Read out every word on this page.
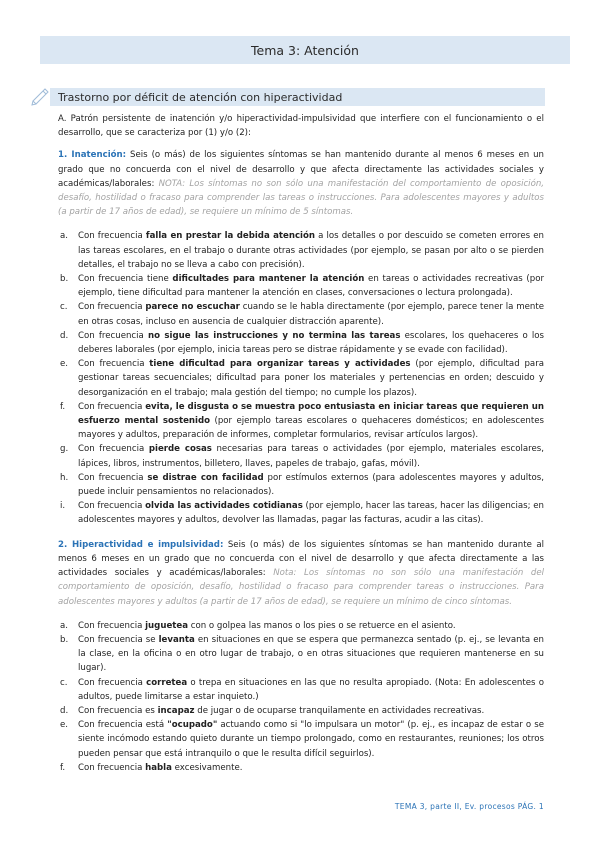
Tema 3: Atención
Trastorno por déficit de atención con hiperactividad

A. Patrón persistente de inatención y/o hiperactividad-impulsividad que interfiere con el funcionamiento o el desarrollo, que se caracteriza por (1) y/o (2):

1. Inatención: Seis (o más) de los siguientes síntomas se han mantenido durante al menos 6 meses en un grado que no concuerda con el nivel de desarrollo y que afecta directamente las actividades sociales y académicas/laborales: NOTA: Los síntomas no son sólo una manifestación del comportamiento de oposición, desafío, hostilidad o fracaso para comprender las tareas o instrucciones. Para adolescentes mayores y adultos (a partir de 17 años de edad), se requiere un mínimo de 5 síntomas.

a. Con frecuencia falla en prestar la debida atención a los detalles o por descuido se cometen errores en las tareas escolares, en el trabajo o durante otras actividades (por ejemplo, se pasan por alto o se pierden detalles, el trabajo no se lleva a cabo con precisión).
b. Con frecuencia tiene dificultades para mantener la atención en tareas o actividades recreativas (por ejemplo, tiene dificultad para mantener la atención en clases, conversaciones o lectura prolongada).
c. Con frecuencia parece no escuchar cuando se le habla directamente (por ejemplo, parece tener la mente en otras cosas, incluso en ausencia de cualquier distracción aparente).
d. Con frecuencia no sigue las instrucciones y no termina las tareas escolares, los quehaceres o los deberes laborales (por ejemplo, inicia tareas pero se distrae rápidamente y se evade con facilidad).
e. Con frecuencia tiene dificultad para organizar tareas y actividades (por ejemplo, dificultad para gestionar tareas secuenciales; dificultad para poner los materiales y pertenencias en orden; descuido y desorganización en el trabajo; mala gestión del tiempo; no cumple los plazos).
f. Con frecuencia evita, le disgusta o se muestra poco entusiasta en iniciar tareas que requieren un esfuerzo mental sostenido (por ejemplo tareas escolares o quehaceres domésticos; en adolescentes mayores y adultos, preparación de informes, completar formularios, revisar artículos largos).
g. Con frecuencia pierde cosas necesarias para tareas o actividades (por ejemplo, materiales escolares, lápices, libros, instrumentos, billetero, llaves, papeles de trabajo, gafas, móvil).
h. Con frecuencia se distrae con facilidad por estímulos externos (para adolescentes mayores y adultos, puede incluir pensamientos no relacionados).
i. Con frecuencia olvida las actividades cotidianas (por ejemplo, hacer las tareas, hacer las diligencias; en adolescentes mayores y adultos, devolver las llamadas, pagar las facturas, acudir a las citas).

2. Hiperactividad e impulsividad: Seis (o más) de los siguientes síntomas se han mantenido durante al menos 6 meses en un grado que no concuerda con el nivel de desarrollo y que afecta directamente a las actividades sociales y académicas/laborales: Nota: Los síntomas no son sólo una manifestación del comportamiento de oposición, desafío, hostilidad o fracaso para comprender tareas o instrucciones. Para adolescentes mayores y adultos (a partir de 17 años de edad), se requiere un mínimo de cinco síntomas.

a. Con frecuencia juguetea con o golpea las manos o los pies o se retuerce en el asiento.
b. Con frecuencia se levanta en situaciones en que se espera que permanezca sentado (p. ej., se levanta en la clase, en la oficina o en otro lugar de trabajo, o en otras situaciones que requieren mantenerse en su lugar).
c. Con frecuencia corretea o trepa en situaciones en las que no resulta apropiado. (Nota: En adolescentes o adultos, puede limitarse a estar inquieto.)
d. Con frecuencia es incapaz de jugar o de ocuparse tranquilamente en actividades recreativas.
e. Con frecuencia está "ocupado" actuando como si "lo impulsara un motor" (p. ej., es incapaz de estar o se siente incómodo estando quieto durante un tiempo prolongado, como en restaurantes, reuniones; los otros pueden pensar que está intranquilo o que le resulta difícil seguirlos).
f. Con frecuencia habla excesivamente.
TEMA 3, parte II, Ev. procesos PÁG. 1
